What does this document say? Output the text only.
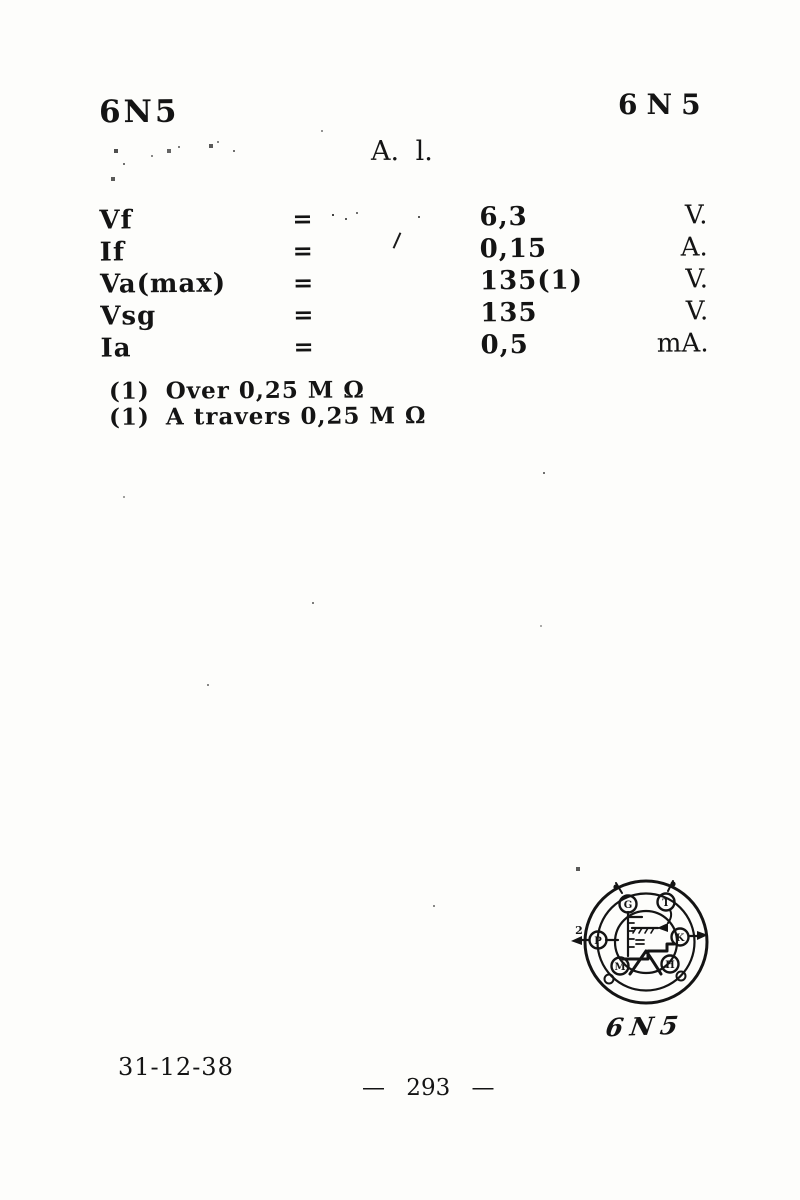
6N5	6N5
A. l.
Vf	=	6,3	V.
If	=	0,15	A.
Va(max)	=	135(1)	V.
Vsg	=	135	V.
Ia	=	0,5	mA.
(1) Over 0,25 M Ω
(1) A travers 0,25 M Ω
G	T
P	K
M	H
2
6N5
31-12-38
— 293 —
